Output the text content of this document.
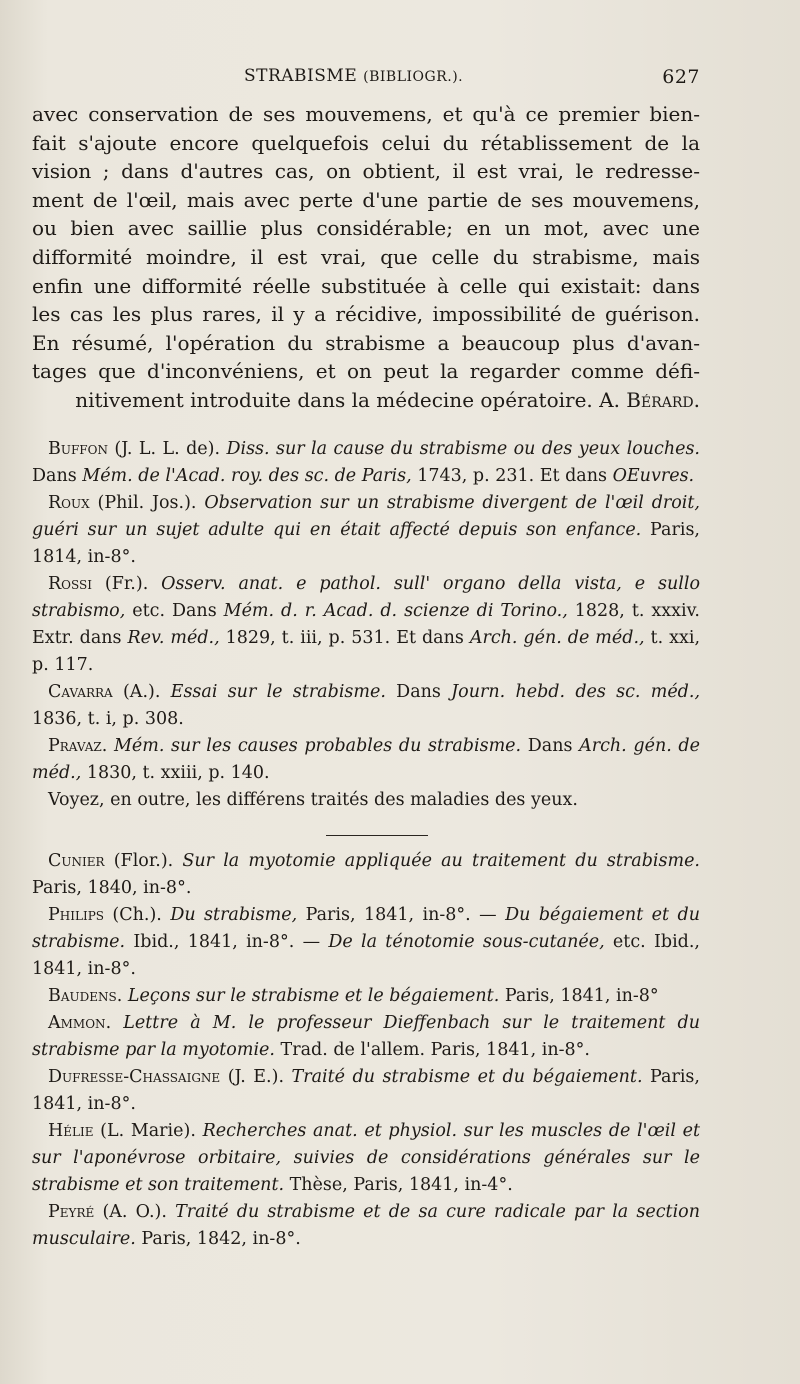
STRABISME (BIBLIOGR.).	627
avec conservation de ses mouvemens, et qu'à ce premier bien-
fait s'ajoute encore quelquefois celui du rétablissement de la
vision ; dans d'autres cas, on obtient, il est vrai, le redresse-
ment de l'œil, mais avec perte d'une partie de ses mouvemens,
ou bien avec saillie plus considérable; en un mot, avec une
difformité moindre, il est vrai, que celle du strabisme, mais
enfin une difformité réelle substituée à celle qui existait: dans
les cas les plus rares, il y a récidive, impossibilité de guérison.
En résumé, l'opération du strabisme a beaucoup plus d'avan-
tages que d'inconvéniens, et on peut la regarder comme défi-
nitivement introduite dans la médecine opératoire. A. Bérard.

Buffon (J. L. L. de). Diss. sur la cause du strabisme ou des yeux louches. Dans Mém. de l'Acad. roy. des sc. de Paris, 1743, p. 231. Et dans OEuvres.

Roux (Phil. Jos.). Observation sur un strabisme divergent de l'œil droit, guéri sur un sujet adulte qui en était affecté depuis son enfance. Paris, 1814, in-8°.

Rossi (Fr.). Osserv. anat. e pathol. sull' organo della vista, e sullo strabismo, etc. Dans Mém. d. r. Acad. d. scienze di Torino., 1828, t. xxxiv. Extr. dans Rev. méd., 1829, t. iii, p. 531. Et dans Arch. gén. de méd., t. xxi, p. 117.

Cavarra (A.). Essai sur le strabisme. Dans Journ. hebd. des sc. méd., 1836, t. i, p. 308.

Pravaz. Mém. sur les causes probables du strabisme. Dans Arch. gén. de méd., 1830, t. xxiii, p. 140.

Voyez, en outre, les différens traités des maladies des yeux.

Cunier (Flor.). Sur la myotomie appliquée au traitement du strabisme. Paris, 1840, in-8°.

Philips (Ch.). Du strabisme, Paris, 1841, in-8°. — Du bégaiement et du strabisme. Ibid., 1841, in-8°. — De la ténotomie sous-cutanée, etc. Ibid., 1841, in-8°.

Baudens. Leçons sur le strabisme et le bégaiement. Paris, 1841, in-8°

Ammon. Lettre à M. le professeur Dieffenbach sur le traitement du strabisme par la myotomie. Trad. de l'allem. Paris, 1841, in-8°.

Dufresse-Chassaigne (J. E.). Traité du strabisme et du bégaiement. Paris, 1841, in-8°.

Hélie (L. Marie). Recherches anat. et physiol. sur les muscles de l'œil et sur l'aponévrose orbitaire, suivies de considérations générales sur le strabisme et son traitement. Thèse, Paris, 1841, in-4°.

Peyré (A. O.). Traité du strabisme et de sa cure radicale par la section musculaire. Paris, 1842, in-8°.
